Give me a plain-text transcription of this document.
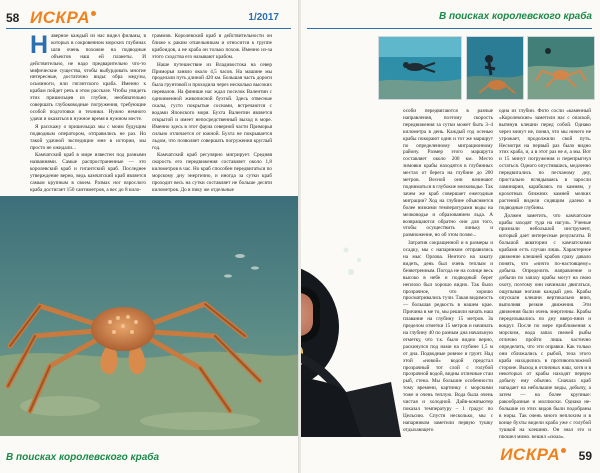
58 ИСКРА	1/2017
Н аверное каждый из нас видел фильмы, в которых в сокровенном морских глубинах шли очень похожие на подводные объектов наш ей планеты. И действительно, не надо предварительно что-то мифические существа, чтобы выбурдовать многие интересные, достаточно виды: обра медузы, осьминоги, или гигантского краба. Именно к крабам пойдет речь в этом рассказе. Чтобы увидеть этих пришельцев из глубин, необязательно совершать глубоководные погружения, требующие особой подготовки и техники. Нужно немного удачи и оказаться в нужное время в нужном месте.

Я расскажу о пришельцах мы с моим будущим подводным оператором, отправились не раз. Но такой удачной экспедиции мне в истории, мы просто не ожидали...

Камчатский краб в мире известен под разными названиями. Самые распространенные — это королевский краб и гигантский краб. Последнее утверждение верно, ведь камчатский краб является самым крупным в своем. Размах ног взрослого краба достигает 150 сантиметров, а вес до 8 кило-

граммов. Королевский краб в действительности он ближе к раким отшельникам и относится к группе крабоидов, а не краба он только похож. Именно из-за этого сходства его называют крабом.

Наше путешествие из Владивостока на север Приморья заняло около 4,5 часов. На машине мы проделали путь длиной 420 км. Большая часть дороги была грунтовой и проходила через несколько высоких перевалов. На финише нас ждал поселок Валентин с одноименной живописной бухтой. Здесь отвесные скалы, густо покрытые соснами, встречаются с водами Японского моря. Бухта Валентин является открытой и имеет непосредственный выход в море. Именно здесь в этот фауна северной части Приморья сильно отличается от южной. Бухта не покрывается льдом, что позволяет совершать погружения круглый год.

Камчатский краб регулярно мигрирует. Средняя скорость его передвижения составляет около 1,8 километров в час. Но краб способен передвигаться по морскому дну энергично, и иногда за сутки краб проходит весь на сутки составляет не больше десяти километров. До в пику же отдельные

В поисках королевского краба
В поисках королевского краба

особи передвигаются в разные направления, поэтому скорость передвижения за сутки может быть 3–4 километра в день. Каждый год осенью крабы покорают один и тот же маршрут по определенному миграционному району. Размер этого маршрута составляет около 200 км. Место зимовки крабы находятся в глубинных местах от берега на глубине до 200 метров. Весной они начинают подниматься в глубокие мелководье. Так зачем же краб совершает ежегодные миграции? Ход на глубине объясняется более низкими температурами воды на мелководье и образованием льда. А возвращаются обратно они для того, чтобы осуществить линьку и размножение, но об этом позже...

Затратив сокращенной и в размеры и осадку, мы с напарником отправились на мыс Орлова. Неитого на закату видеть, день был очень теплым и безветренным. Погода не на солнце весь высоко в небе и подводный берег неплохо был хорошо видно. Так было прозрачное, что хорошо просматривались тучи. Такая видимость — большая редкость в нашем крае. Причина в ме то, мы решили начать наш плавание на глубину 15 метров. За пределом отметки 15 метров и начинать на глубину 40 по разным дна начальную отметку, что т.к. было видно верно, раскинулся под нами на глубине 1,5 м от дна. Подводные ровное и грунт. Над этой «новой» водой предстал прозрачный тот слой с голубой прозрачной водой, видны отличные стаи рыб, стена. Мы большие особенности тому времени, картинку с морскими тоже и очень теплую. Вода была очень чистая и холодной. Дайв-компьютер показал температуру – 1 градус по Цельсию. Спустя несколько, мы с напарником заметили первую тушку отдыхающего

одна из глубин. Фото сосли «каменный «Королевские» заметили нас с опаской, вытянув клешни перед собой. Однако через минут не, понял, что мы ничего не угрожает, продолжили свой путь. Несмотря на первый раз было видно этих краба, и, а в этот раз не я, а мы. Вот и 15 минут погружения и перепрыгнул остаться. Одного опустившись, медленно передвигались по песчаному дну, пристально вглядываясь в заросли ламинарии, карабкаясь по камням, у крохотных ближних камней мелких растений видели сидящим далеко в подводные глубины.

Должен заметить, что камчатские крабы заходят туда на нагуль. Ученые признали небольшой инструмент, который дает интересные результаты. В большой акватории с камчатскими крабами есть случаи лишь. Характерное движение клешней крабов сразу давало понять, что «ничто по-настоящему» добыча. Определить направление и добычи по запаху крабы могут на свою охоту, поэтому они начинали двигаться, ощупывая ногами каждый дно. Крабы опускали клешни вертикально вниз, выполняя резкие движения. Эти движения были очень энергичны. Крабы переделывались по дну вверх-вниз и вокруг. После по мере приближения к морским, вода запах свежей рыбы отлично пройти лишь частично определить, что эти оправки. Как только они сближались с рыбой, тела этого краба находились в противоположной стороне. Выход в отличных наш, хотя и в некоторых от крабы находят первую добычу ему обычно. Сначала краб нападает на небольшие виды, добычу, а затем — на более крупные: ракообразные и моллюски. Однако не-большие из этих видов были подобраны в норы. Так очень много неплохим и в конце бухты видели краба уже с голубой тушкой на клешнях. Он знал это и прошел мимо, решил «сюда».

ИСКРА 59
